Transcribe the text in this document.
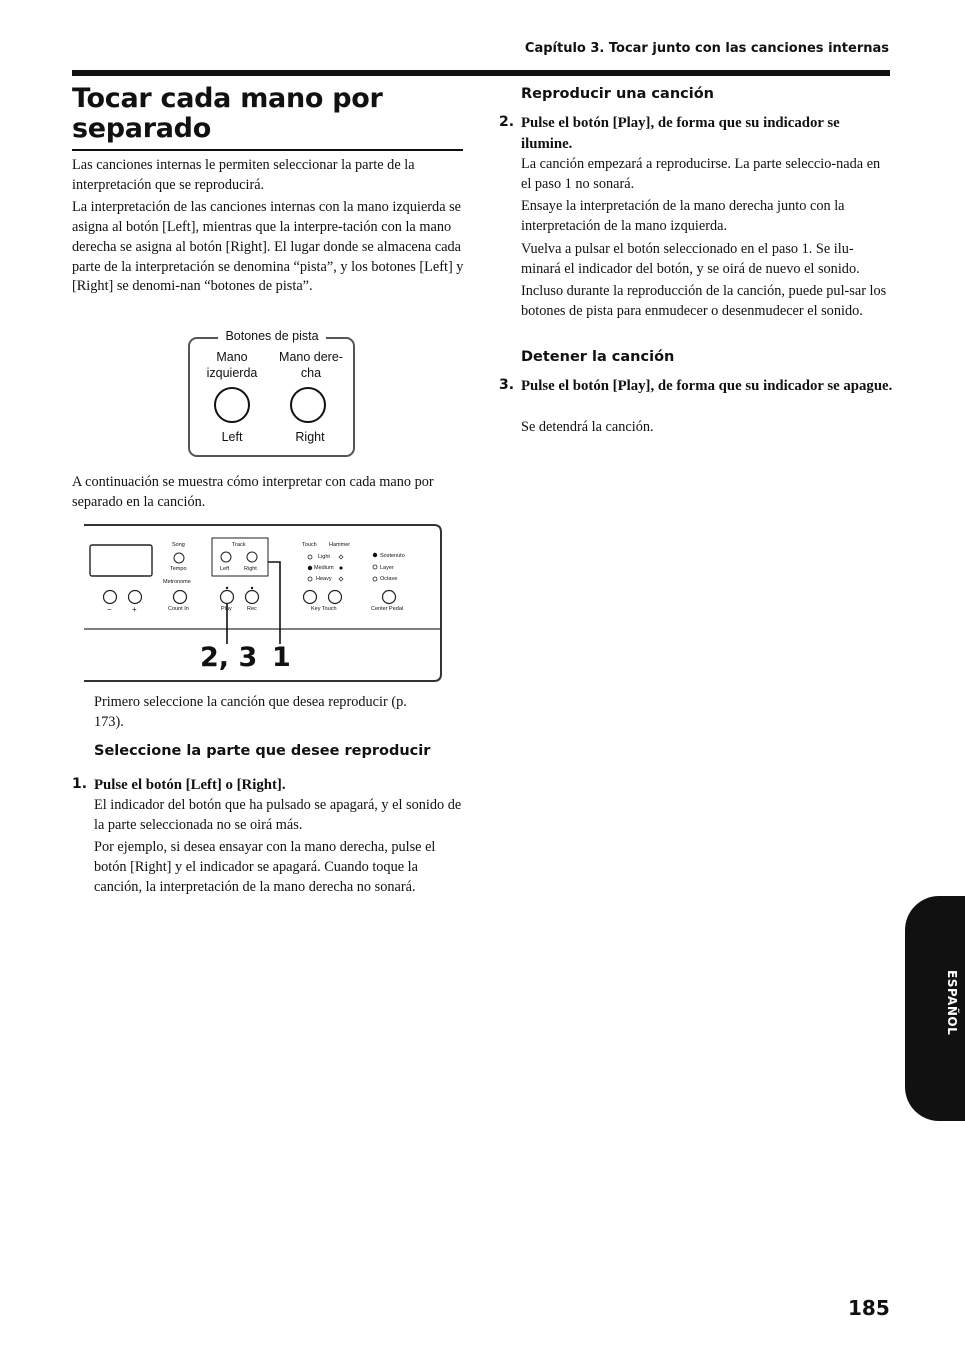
Capítulo 3. Tocar junto con las canciones internas
Tocar cada mano por
separado

Las canciones internas le permiten seleccionar la parte de la interpretación que se reproducirá.

La interpretación de las canciones internas con la mano izquierda se asigna al botón [Left], mientras que la interpre-tación con la mano derecha se asigna al botón [Right]. El lugar donde se almacena cada parte de la interpretación se denomina “pista”, y los botones [Left] y [Right] se denomi-nan “botones de pista”.

Botones de pista
Mano
izquierda
Mano dere-
cha
Left	Right

A continuación se muestra cómo interpretar con cada mano por separado en la canción.

Song
Tempo
Metronome
Count In
−	+
Track
Left	Right
Play	Rec
Touch Hammer
Light
Medium
Heavy
Key Touch
Sostenuto
Layer
Octave
Center Pedal
2, 3 1

Primero seleccione la canción que desea reproducir (p. 173).

Seleccione la parte que desee reproducir
1. Pulse el botón [Left] o [Right].

El indicador del botón que ha pulsado se apagará, y el sonido de la parte seleccionada no se oirá más.

Por ejemplo, si desea ensayar con la mano derecha, pulse el botón [Right] y el indicador se apagará. Cuando toque la canción, la interpretación de la mano derecha no sonará.

Reproducir una canción
2. Pulse el botón [Play], de forma que su indicador se ilumine.

La canción empezará a reproducirse. La parte seleccio-nada en el paso 1 no sonará.

Ensaye la interpretación de la mano derecha junto con la interpretación de la mano izquierda.

Vuelva a pulsar el botón seleccionado en el paso 1. Se ilu-minará el indicador del botón, y se oirá de nuevo el sonido.

Incluso durante la reproducción de la canción, puede pul-sar los botones de pista para enmudecer o desenmudecer el sonido.

Detener la canción
3. Pulse el botón [Play], de forma que su indicador se apague.

Se detendrá la canción.

ESPAÑOL
185
